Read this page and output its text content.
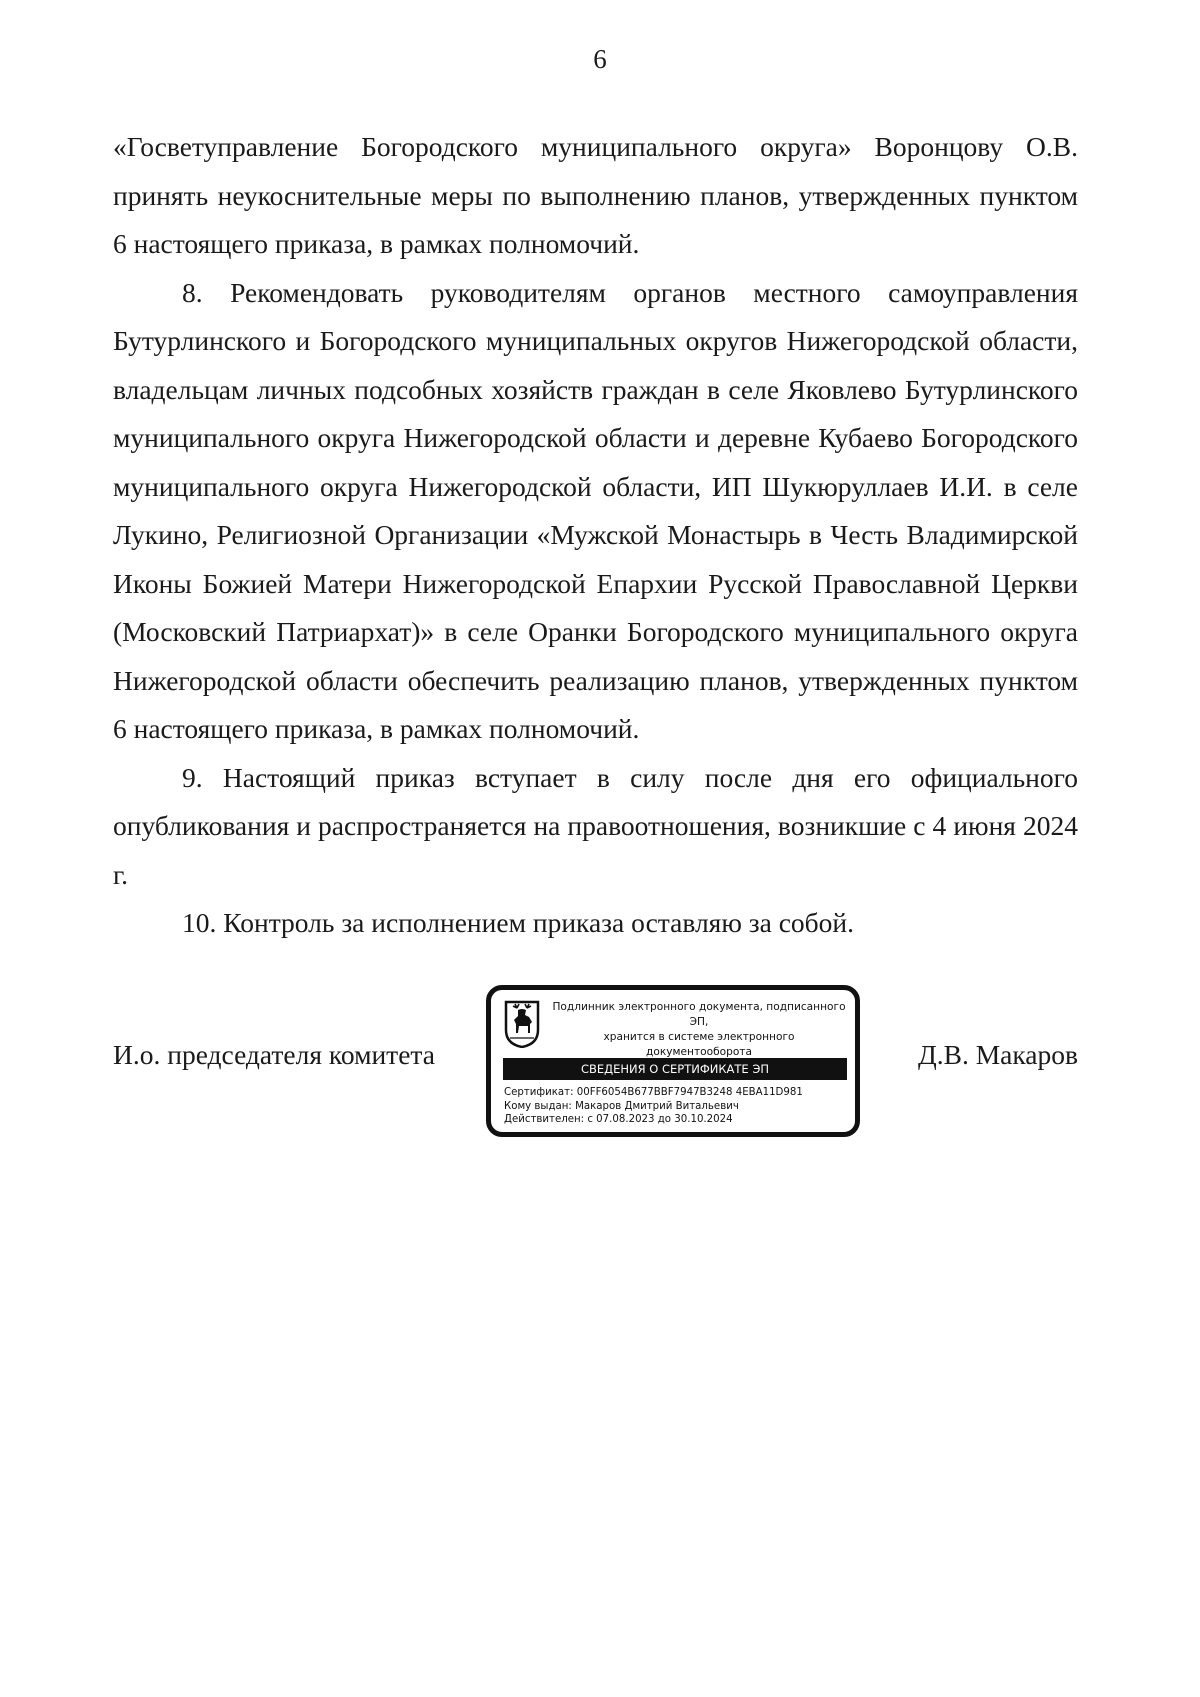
6

«Госветуправление Богородского муниципального округа» Воронцову О.В. принять неукоснительные меры по выполнению планов, утвержденных пунктом 6 настоящего приказа, в рамках полномочий.

8. Рекомендовать руководителям органов местного самоуправления Бутурлинского и Богородского муниципальных округов Нижегородской области, владельцам личных подсобных хозяйств граждан в селе Яковлево Бутурлинского муниципального округа Нижегородской области и деревне Кубаево Богородского муниципального округа Нижегородской области, ИП Шукюруллаев И.И. в селе Лукино, Религиозной Организации «Мужской Монастырь в Честь Владимирской Иконы Божией Матери Нижегородской Епархии Русской Православной Церкви (Московский Патриархат)» в селе Оранки Богородского муниципального округа Нижегородской области обеспечить реализацию планов, утвержденных пунктом 6 настоящего приказа, в рамках полномочий.

9. Настоящий приказ вступает в силу после дня его официального опубликования и распространяется на правоотношения, возникшие с 4 июня 2024 г.

10. Контроль за исполнением приказа оставляю за собой.

И.о. председателя комитета	Д.В. Макаров
Подлинник электронного документа, подписанного ЭП,
хранится в системе электронного документооборота
СВЕДЕНИЯ О СЕРТИФИКАТЕ ЭП
Сертификат: 00FF6054B677BBF7947B3248 4EBA11D981
Кому выдан: Макаров Дмитрий Витальевич
Действителен: с 07.08.2023 до 30.10.2024
